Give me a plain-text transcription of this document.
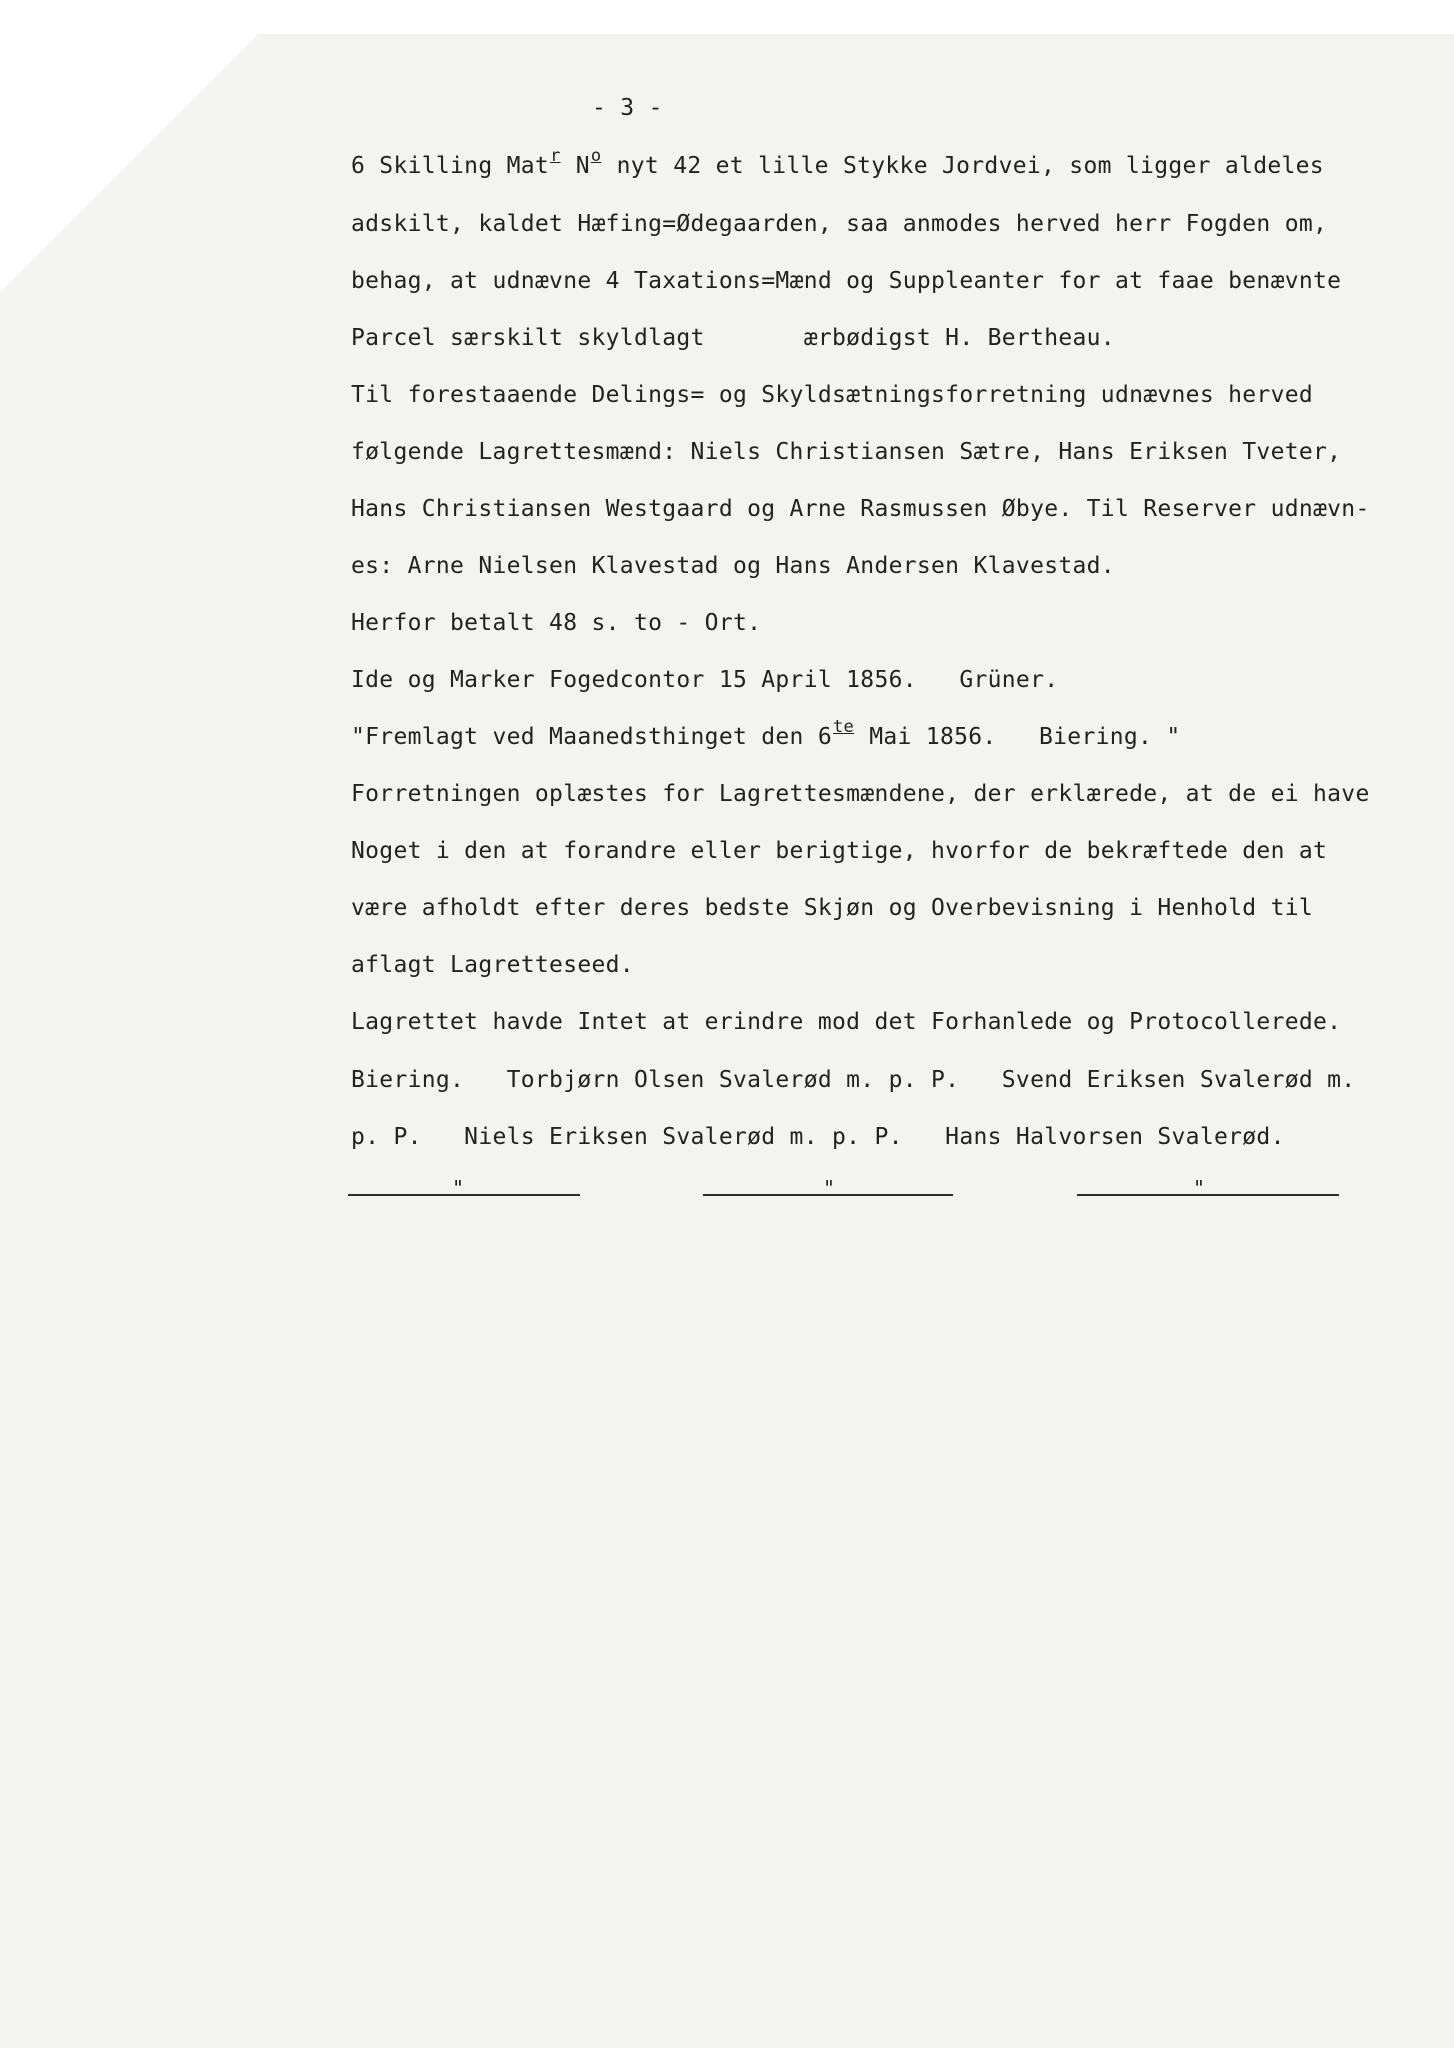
- 3 -
6 Skilling Matr No nyt 42 et lille Stykke Jordvei, som ligger aldeles
adskilt, kaldet Hæfing=Ødegaarden, saa anmodes herved herr Fogden om,
behag, at udnævne 4 Taxations=Mænd og Suppleanter for at faae benævnte
Parcel særskilt skyldlagt       ærbødigst H. Bertheau.
Til forestaaende Delings= og Skyldsætningsforretning udnævnes herved
følgende Lagrettesmænd: Niels Christiansen Sætre, Hans Eriksen Tveter,
Hans Christiansen Westgaard og Arne Rasmussen Øbye. Til Reserver udnævn-
es: Arne Nielsen Klavestad og Hans Andersen Klavestad.
Herfor betalt 48 s. to - Ort.
Ide og Marker Fogedcontor 15 April 1856.   Grüner.
"Fremlagt ved Maanedsthinget den 6te Mai 1856.   Biering. "
Forretningen oplæstes for Lagrettesmændene, der erklærede, at de ei have
Noget i den at forandre eller berigtige, hvorfor de bekræftede den at
være afholdt efter deres bedste Skjøn og Overbevisning i Henhold til
aflagt Lagretteseed.
Lagrettet havde Intet at erindre mod det Forhanlede og Protocollerede.
Biering.   Torbjørn Olsen Svalerød m. p. P.   Svend Eriksen Svalerød m.
p. P.   Niels Eriksen Svalerød m. p. P.   Hans Halvorsen Svalerød.
"	"	"
